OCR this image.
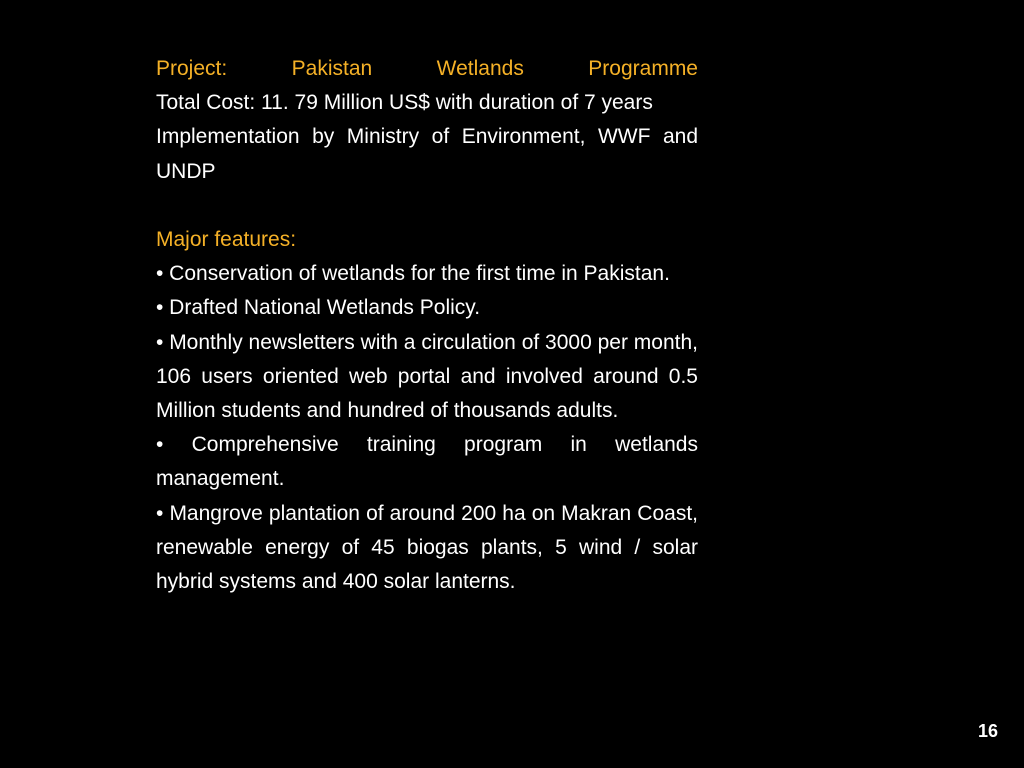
Project: Pakistan Wetlands Programme

Total Cost: 11. 79 Million US$ with duration of 7 years

Implementation by Ministry of Environment, WWF and UNDP

Major features:

• Conservation of wetlands for the first time in Pakistan.

• Drafted National Wetlands Policy.

• Monthly newsletters with a circulation of 3000 per month, 106 users oriented web portal and involved around 0.5 Million students and hundred of thousands adults.

• Comprehensive training program in wetlands management.

• Mangrove plantation of around 200 ha on Makran Coast, renewable energy of 45 biogas plants, 5 wind / solar hybrid systems and 400 solar lanterns.

16
